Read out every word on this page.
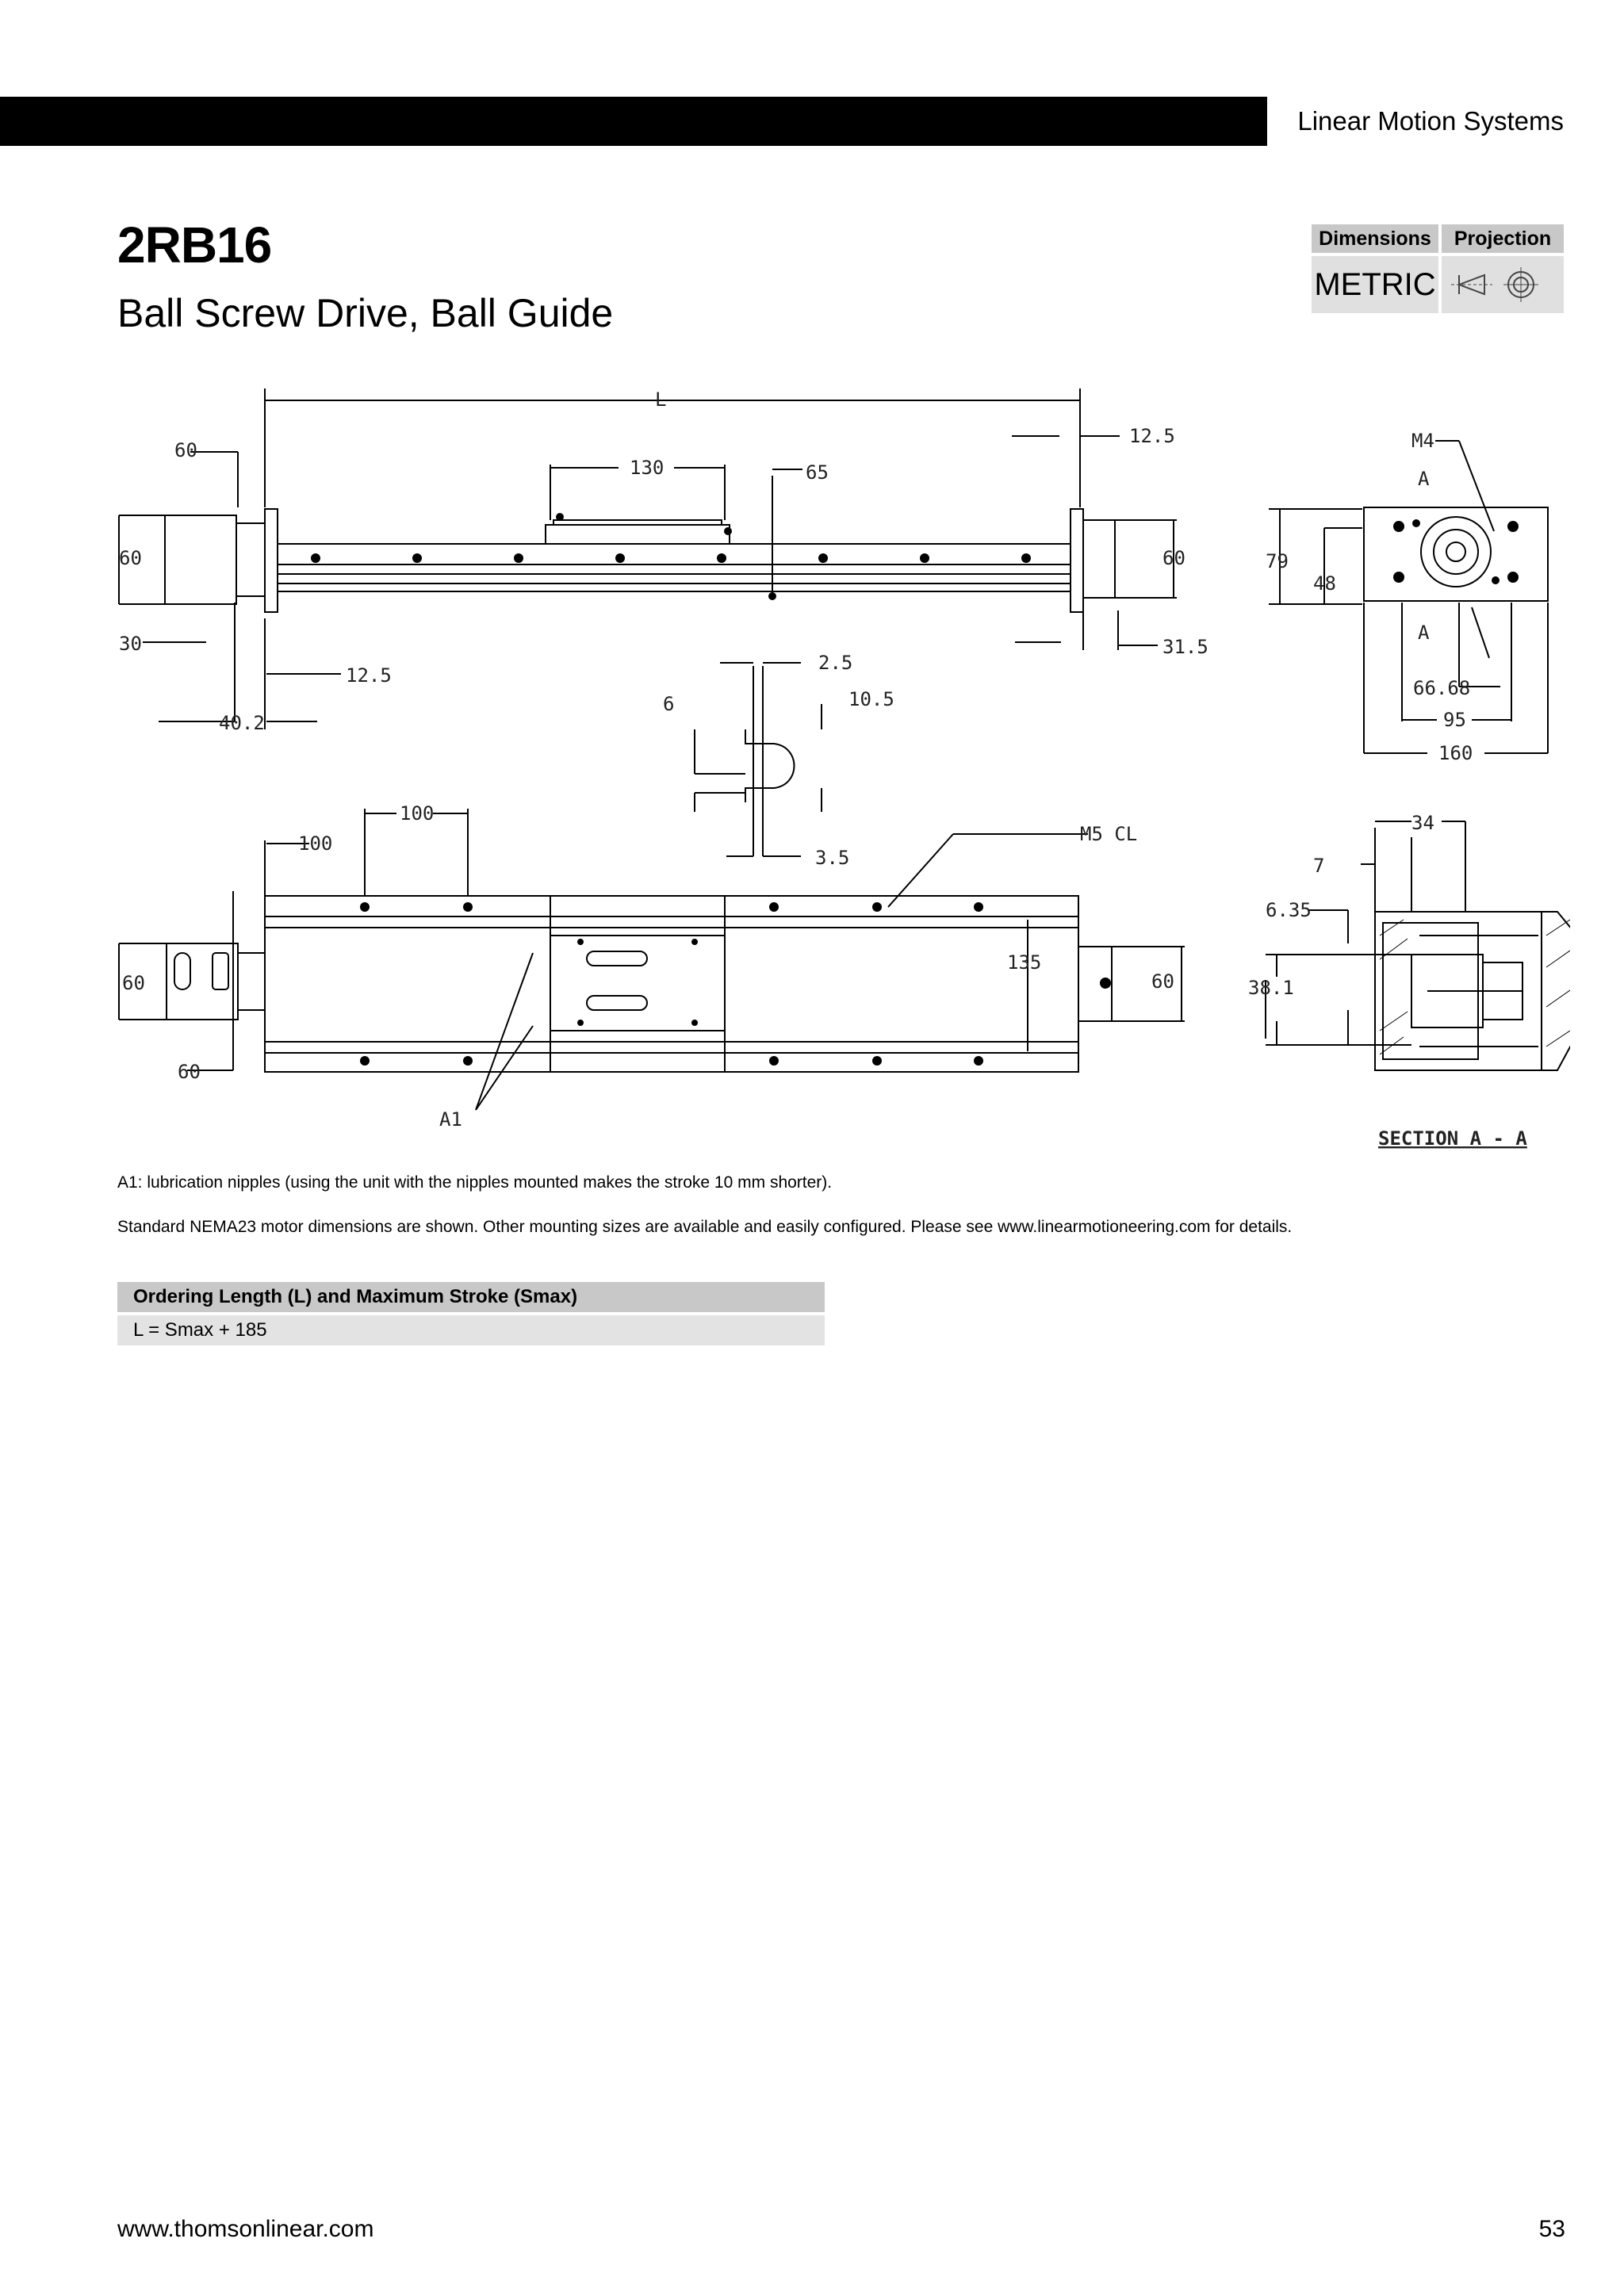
Linear Motion Systems
2RB16
Ball Screw Drive, Ball Guide
Dimensions	Projection
METRIC
L
60
12.5
130	65
60	60
30
12.5
40.2
31.5
2.5
6	10.5
3.5
M4
A
A
79
48
66.68
95
160
100
100	M5 CL
135
60	60
60
A1
34
7
6.35
38.1
SECTION A - A
A1: lubrication nipples (using the unit with the nipples mounted makes the stroke 10 mm shorter).
Standard NEMA23 motor dimensions are shown. Other mounting sizes are available and easily configured. Please see www.linearmotioneering.com for details.
Ordering Length (L) and Maximum Stroke (Smax)
L = Smax + 185
www.thomsonlinear.com	53
